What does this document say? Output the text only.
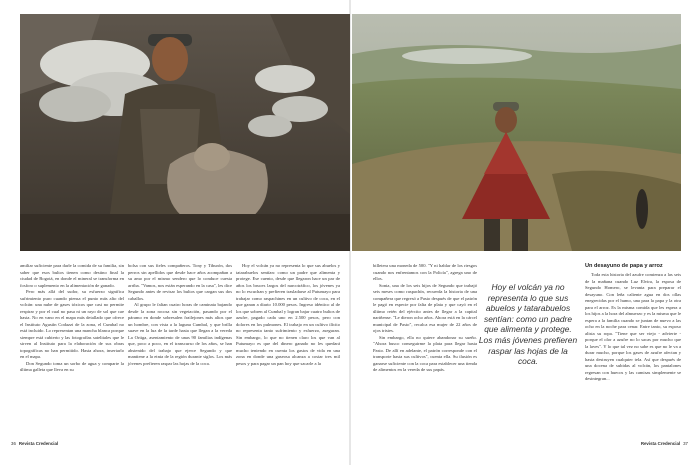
amiliar suficiente para darle la comida de su familia, sin saber que esos bultos tienen como destino final la ciudad de Bogotá, en donde el mineral se transforma en fosforo o suplemento en la alimentación de ganado.

Pero más allá del sudor, su esfuerzo significa sufrimiento puro cuando piensa el punto más alto del volcán: una nube de gases tóxicos que casi no permite respirar y por el cual no pasa ni un rayo de sol que cae hasta. No en vano en el mapa más detallado que ofrece el Instituto Agustín Codazzi de la zona, el Cumbal no está incluido. Lo representan una mancha blanca porque siempre está cubierto y las fotografías satelitales que le sirven al Instituto para la elaboración de sus obras topográficas no han permitido. Hasta ahora, insertarlo en el mapa.

Don Segundo toma un sorbo de agua y comparte la última galleta que lleva en su

bolsa con sus fieles compañeros. Tony y Tiburón, dos perros sin apellidos que desde hace años acompañan a su amo por el mismo sendero que lo conduce cuesta arriba. "Vamos, nos están esperando en la casa", les dice Segundo antes de revisar los bultos que cargan sus dos caballos.

Al grupo le faltan cuatro horas de caminata bajando desde la zona rocosa sin vegetación, pasando por el páramo en donde sobresalen frailejones más altos que un hombre, con vista a la laguna Cumbal, y que brilla suave en la luz de la tarde hasta que llegan a la vereda La Ortiga, asentamiento de unas 90 familias indígenas que, poco a poco, en el transcurso de los años, se han abstenido del trabajo que ejerce Segundo y que mantiene a la etnia de la región durante siglos. Los más jóvenes prefieren raspar las hojas de la coca.

Hoy el volcán ya no representa lo que sus abuelos y tatarabuelos sentían: como un padre que alimenta y protege. Ese cuento, desde que llegaron hace un par de años los bruces largos del narcotráfico, los jóvenes ya no lo escuchan y prefieren trasladarse al Putumayo para trabajar como raspachines en un cultivo de coca, en el que ganan a diario 10.000 pesos. Ingreso idéntico al de los que sobren al Cumbal y logran bajar cuatro bultos de azufre, pagado cada uno en 2.500 pesos, pero con dolores en los pulmones. El trabajo en un cultivo ilícito no representa tanto sufrimiento y esfuerzo, aseguran. Sin embargo, lo que no tienen claro los que van al Putumayo es que del dinero ganado no les quedará mucho teniendo en cuenta los gastos de vida en una zona en donde una gaseosa alcanza a costar tres mil pesos y para pagar un pan hoy que sacarle a la

billetera una moneda de 500. "Y ni hablar de los riesgos cuando nos enfrentamos con la Policía", agrega uno de ellos.

Sonia, una de los seis hijos de Segundo que trabajó seis meses como raspachín, recuerda la historia de una compañera que regresó a Pasto después de que el patrón le pagó en especie por falta de plata y que cayó en el último retén del ejército antes de llegar a la capital nariñense. "Le dieron ocho años. Ahora está en la cárcel municipal de Pasto", recalca esa mujer de 22 años de ojos tristes.

Sin embargo, ella no quiere abandonar su sueño. "Ahora busco conseguirme la plata para llegar hasta Pasto. De allí en adelante, el patrón corresponde con el transporte hasta sus cultivos", cuenta ella. Su ilusión es ganarse suficiente con la coca para establecer una tienda de alimentos en la vereda de sus papás.

Hoy el volcán ya no representa lo que sus abuelos y tatarabuelos sentían: como un padre que alimenta y protege. Los más jóvenes prefieren raspar las hojas de la coca.
Un desayuno de papa y arroz

Toda esta historia del azufre comienza a las seis de la mañana cuando Luz Elvira, la esposa de Segundo Homero, se levanta para preparar el desayuno. Con leña caliente agua en dos ollas enegrecidas por el humo, una para la papa y la otra para el arroz. Es la misma comida que les espera a los hijos a la hora del almuerzo y es la misma que le espera a la familia cuando se juntan de nuevo a las ocho en la noche para cenar. Entre tanto, su esposo alista su ropa. "Tiene que ser viejo - advierte - porque el olor a azufre no lo sacas por mucho que la laves". Y lo que tal vez no sabe es que no le va a durar mucho, porque los gases de azufre afectan y hasta destruyen cualquier tela. Así que después de una docena de subidas al volcán, los pantalones regresan con huecos y las camisas simplemente se desintegran...

36 Revista Credencial	Revista Credencial 37
